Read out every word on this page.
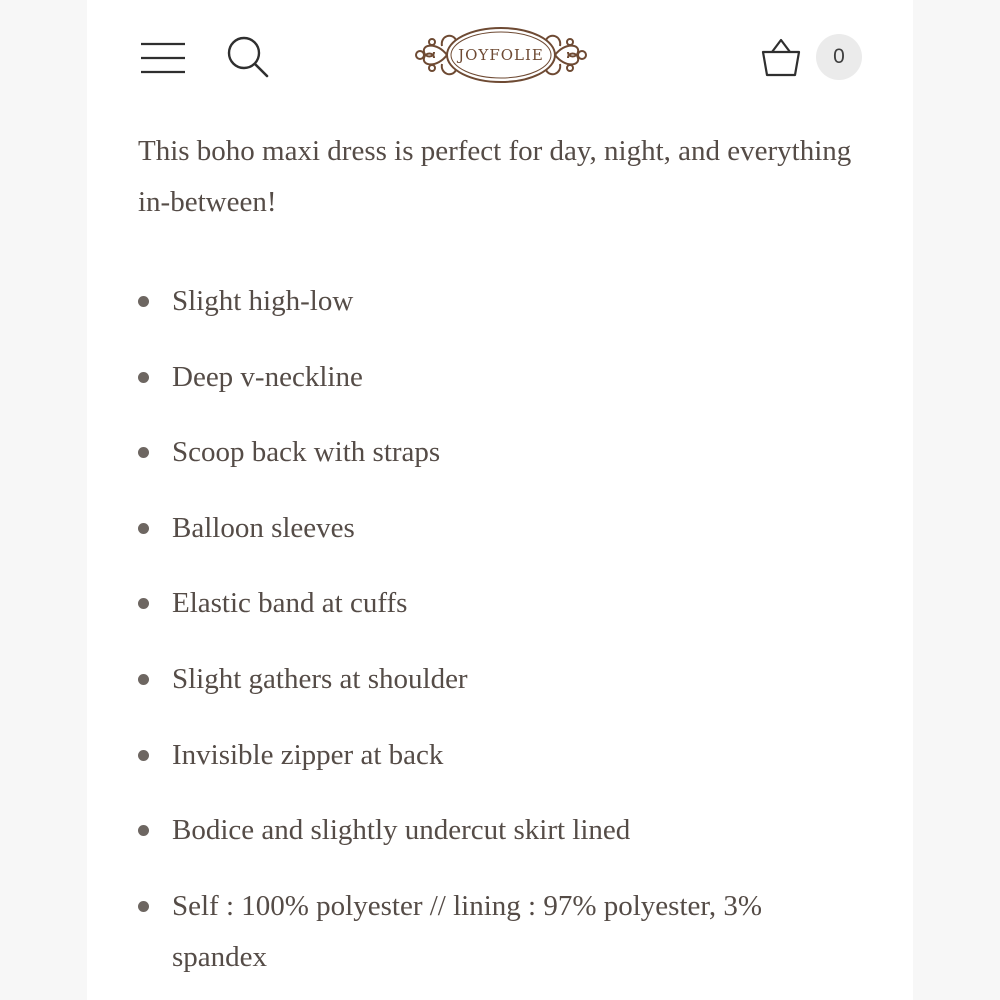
JOYFOLIE	0

This boho maxi dress is perfect for day, night, and everything in-between!

Slight high-low
Deep v-neckline
Scoop back with straps
Balloon sleeves
Elastic band at cuffs
Slight gathers at shoulder
Invisible zipper at back
Bodice and slightly undercut skirt lined
Self : 100% polyester // lining : 97% polyester, 3% spandex
